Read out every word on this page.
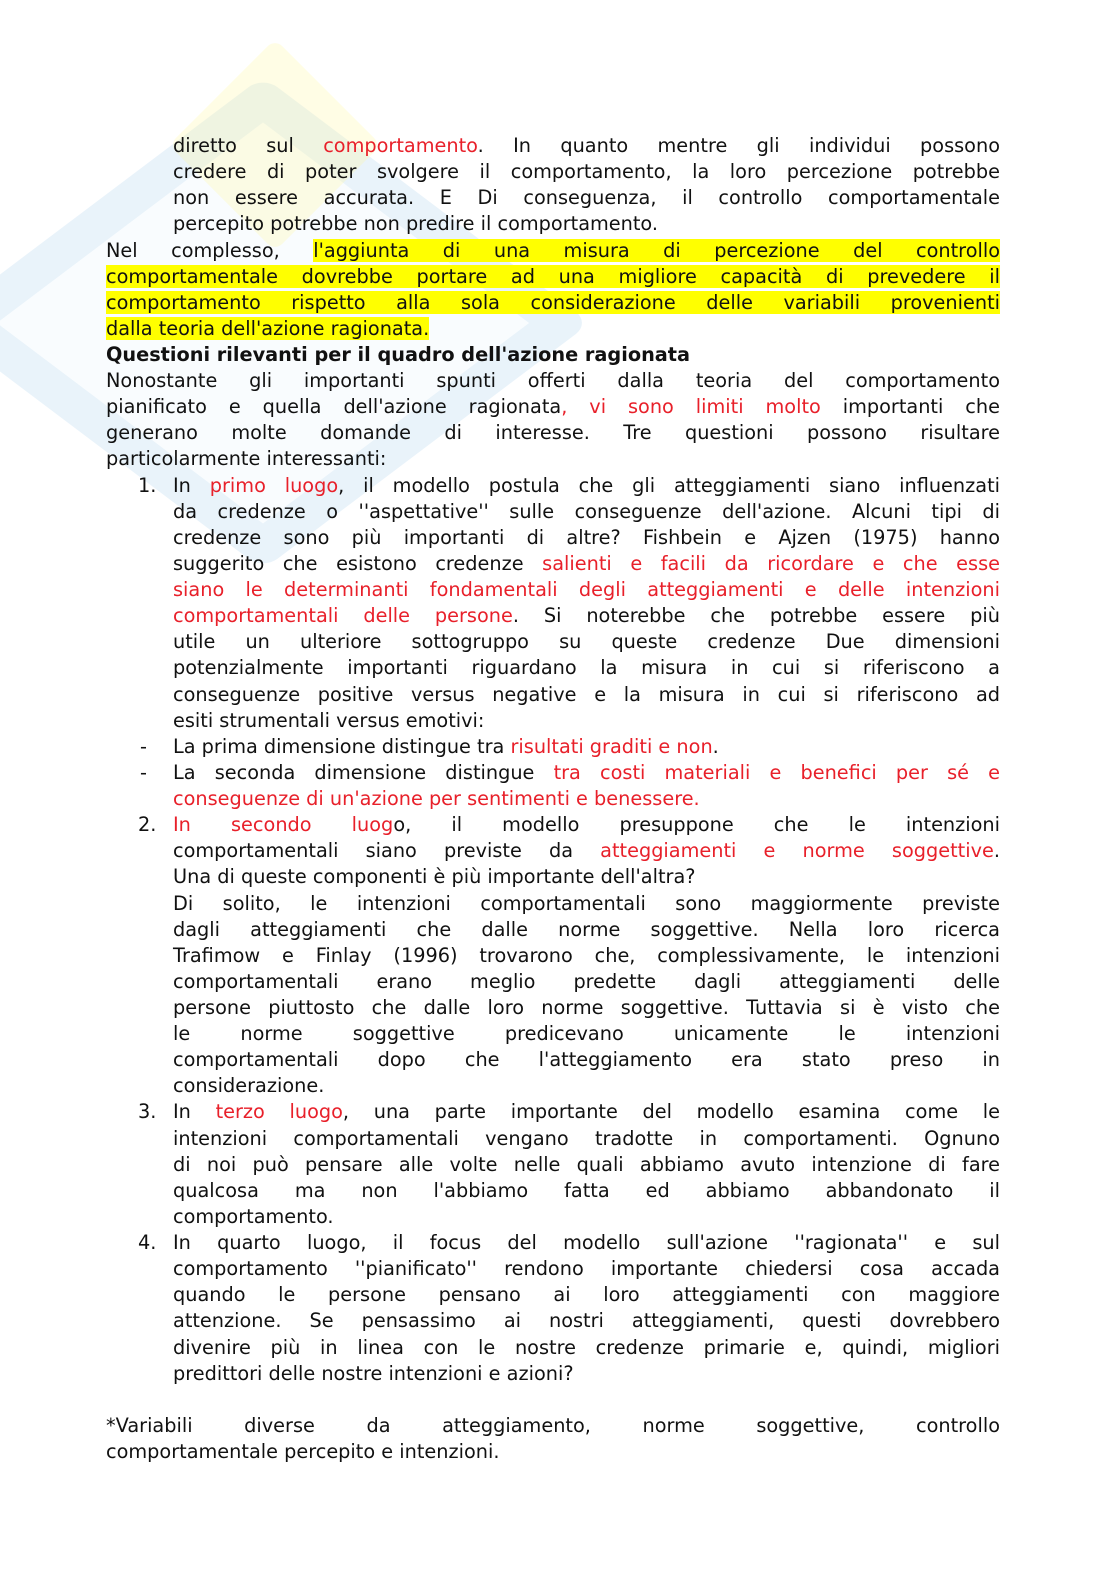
diretto sul comportamento. In quanto mentre gli individui possono
credere di poter svolgere il comportamento, la loro percezione potrebbe
non essere accurata. E Di conseguenza, il controllo comportamentale
percepito potrebbe non predire il comportamento.
Nel complesso, l'aggiunta di una misura di percezione del controllo
comportamentale dovrebbe portare ad una migliore capacità di prevedere il
comportamento rispetto alla sola considerazione delle variabili provenienti
dalla teoria dell'azione ragionata.
Questioni rilevanti per il quadro dell'azione ragionata
Nonostante gli importanti spunti offerti dalla teoria del comportamento
pianificato e quella dell'azione ragionata, vi sono limiti molto importanti che
generano molte domande di interesse. Tre questioni possono risultare
particolarmente interessanti:
1. In primo luogo, il modello postula che gli atteggiamenti siano influenzati
da credenze o ''aspettative'' sulle conseguenze dell'azione. Alcuni tipi di
credenze sono più importanti di altre? Fishbein e Ajzen (1975) hanno
suggerito che esistono credenze salienti e facili da ricordare e che esse
siano le determinanti fondamentali degli atteggiamenti e delle intenzioni
comportamentali delle persone. Si noterebbe che potrebbe essere più
utile un ulteriore sottogruppo su queste credenze Due dimensioni
potenzialmente importanti riguardano la misura in cui si riferiscono a
conseguenze positive versus negative e la misura in cui si riferiscono ad
esiti strumentali versus emotivi:
- La prima dimensione distingue tra risultati graditi e non.
- La seconda dimensione distingue tra costi materiali e benefici per sé e
conseguenze di un'azione per sentimenti e benessere.
2. In secondo luogo, il modello presuppone che le intenzioni
comportamentali siano previste da atteggiamenti e norme soggettive.
Una di queste componenti è più importante dell'altra?
Di solito, le intenzioni comportamentali sono maggiormente previste
dagli atteggiamenti che dalle norme soggettive. Nella loro ricerca
Trafimow e Finlay (1996) trovarono che, complessivamente, le intenzioni
comportamentali erano meglio predette dagli atteggiamenti delle
persone piuttosto che dalle loro norme soggettive. Tuttavia si è visto che
le norme soggettive predicevano unicamente le intenzioni
comportamentali dopo che l'atteggiamento era stato preso in
considerazione.
3. In terzo luogo, una parte importante del modello esamina come le
intenzioni comportamentali vengano tradotte in comportamenti. Ognuno
di noi può pensare alle volte nelle quali abbiamo avuto intenzione di fare
qualcosa ma non l'abbiamo fatta ed abbiamo abbandonato il
comportamento.
4. In quarto luogo, il focus del modello sull'azione ''ragionata'' e sul
comportamento ''pianificato'' rendono importante chiedersi cosa accada
quando le persone pensano ai loro atteggiamenti con maggiore
attenzione. Se pensassimo ai nostri atteggiamenti, questi dovrebbero
divenire più in linea con le nostre credenze primarie e, quindi, migliori
predittori delle nostre intenzioni e azioni?
*Variabili diverse da atteggiamento, norme soggettive, controllo
comportamentale percepito e intenzioni.
